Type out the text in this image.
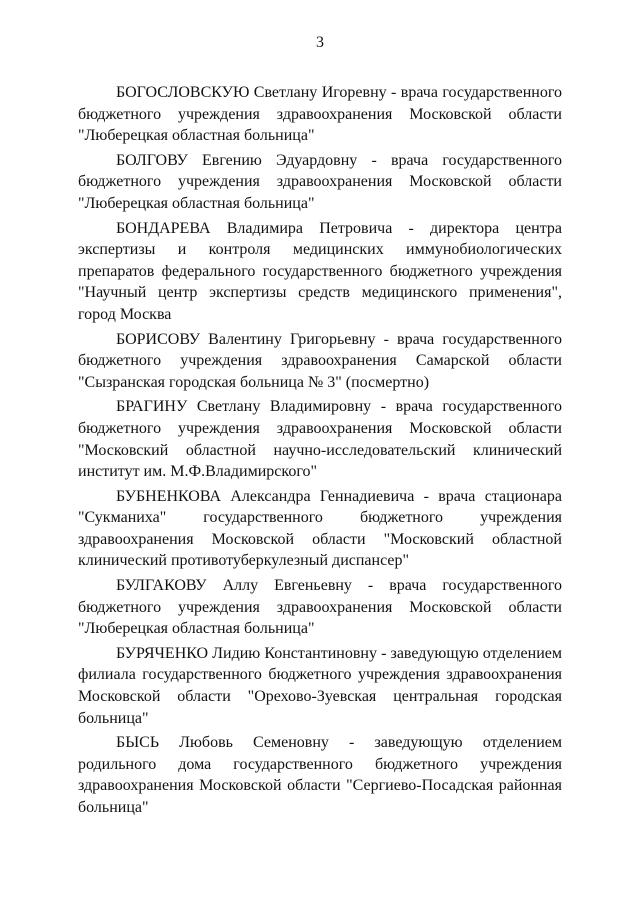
3

БОГОСЛОВСКУЮ Светлану Игоревну - врача государственного бюджетного учреждения здравоохранения Московской области "Люберецкая областная больница"

БОЛГОВУ Евгению Эдуардовну - врача государственного бюджетного учреждения здравоохранения Московской области "Люберецкая областная больница"

БОНДАРЕВА Владимира Петровича - директора центра экспертизы и контроля медицинских иммунобиологических препаратов федерального государственного бюджетного учреждения "Научный центр экспертизы средств медицинского применения", город Москва

БОРИСОВУ Валентину Григорьевну - врача государственного бюджетного учреждения здравоохранения Самарской области "Сызранская городская больница № 3" (посмертно)

БРАГИНУ Светлану Владимировну - врача государственного бюджетного учреждения здравоохранения Московской области "Московский областной научно-исследовательский клинический институт им. М.Ф.Владимирского"

БУБНЕНКОВА Александра Геннадиевича - врача стационара "Сукманиха" государственного бюджетного учреждения здравоохранения Московской области "Московский областной клинический противотуберкулезный диспансер"

БУЛГАКОВУ Аллу Евгеньевну - врача государственного бюджетного учреждения здравоохранения Московской области "Люберецкая областная больница"

БУРЯЧЕНКО Лидию Константиновну - заведующую отделением филиала государственного бюджетного учреждения здравоохранения Московской области "Орехово-Зуевская центральная городская больница"

БЫСЬ Любовь Семеновну - заведующую отделением родильного дома государственного бюджетного учреждения здравоохранения Московской области "Сергиево-Посадская районная больница"
